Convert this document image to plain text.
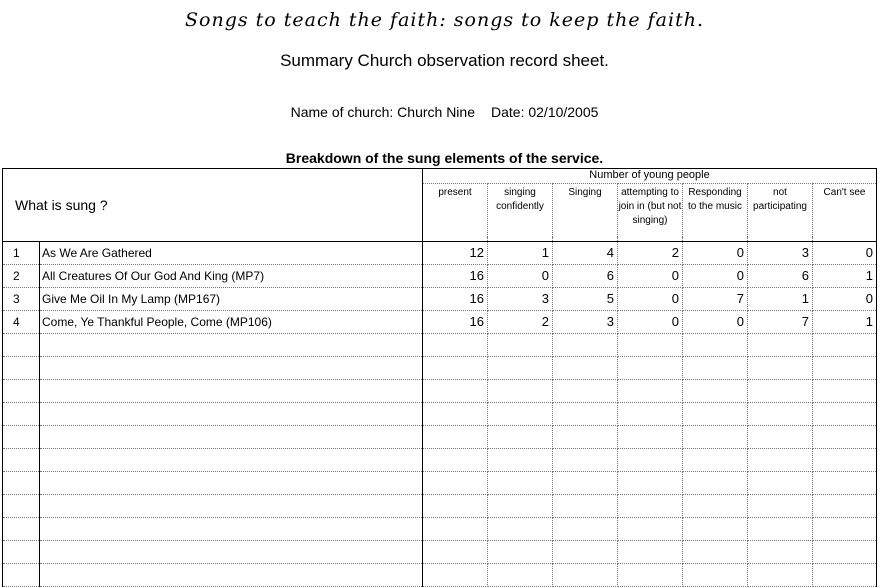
Songs to teach the faith: songs to keep the faith.
Summary Church observation record sheet.
Name of church: Church Nine Date: 02/10/2005
Breakdown of the sung elements of the service.
What is sung ?		Number of young people						
		present	singing confidently	Singing	attempting to join in (but not singing)	Responding to the music	not participating	Can't see

1	As We Are Gathered	12	1	4	2	0	3	0
2	All Creatures Of Our God And King (MP7)	16	0	6	0	0	6	1
3	Give Me Oil In My Lamp (MP167)	16	3	5	0	7	1	0
4	Come, Ye Thankful People, Come (MP106)	16	2	3	0	0	7	1
